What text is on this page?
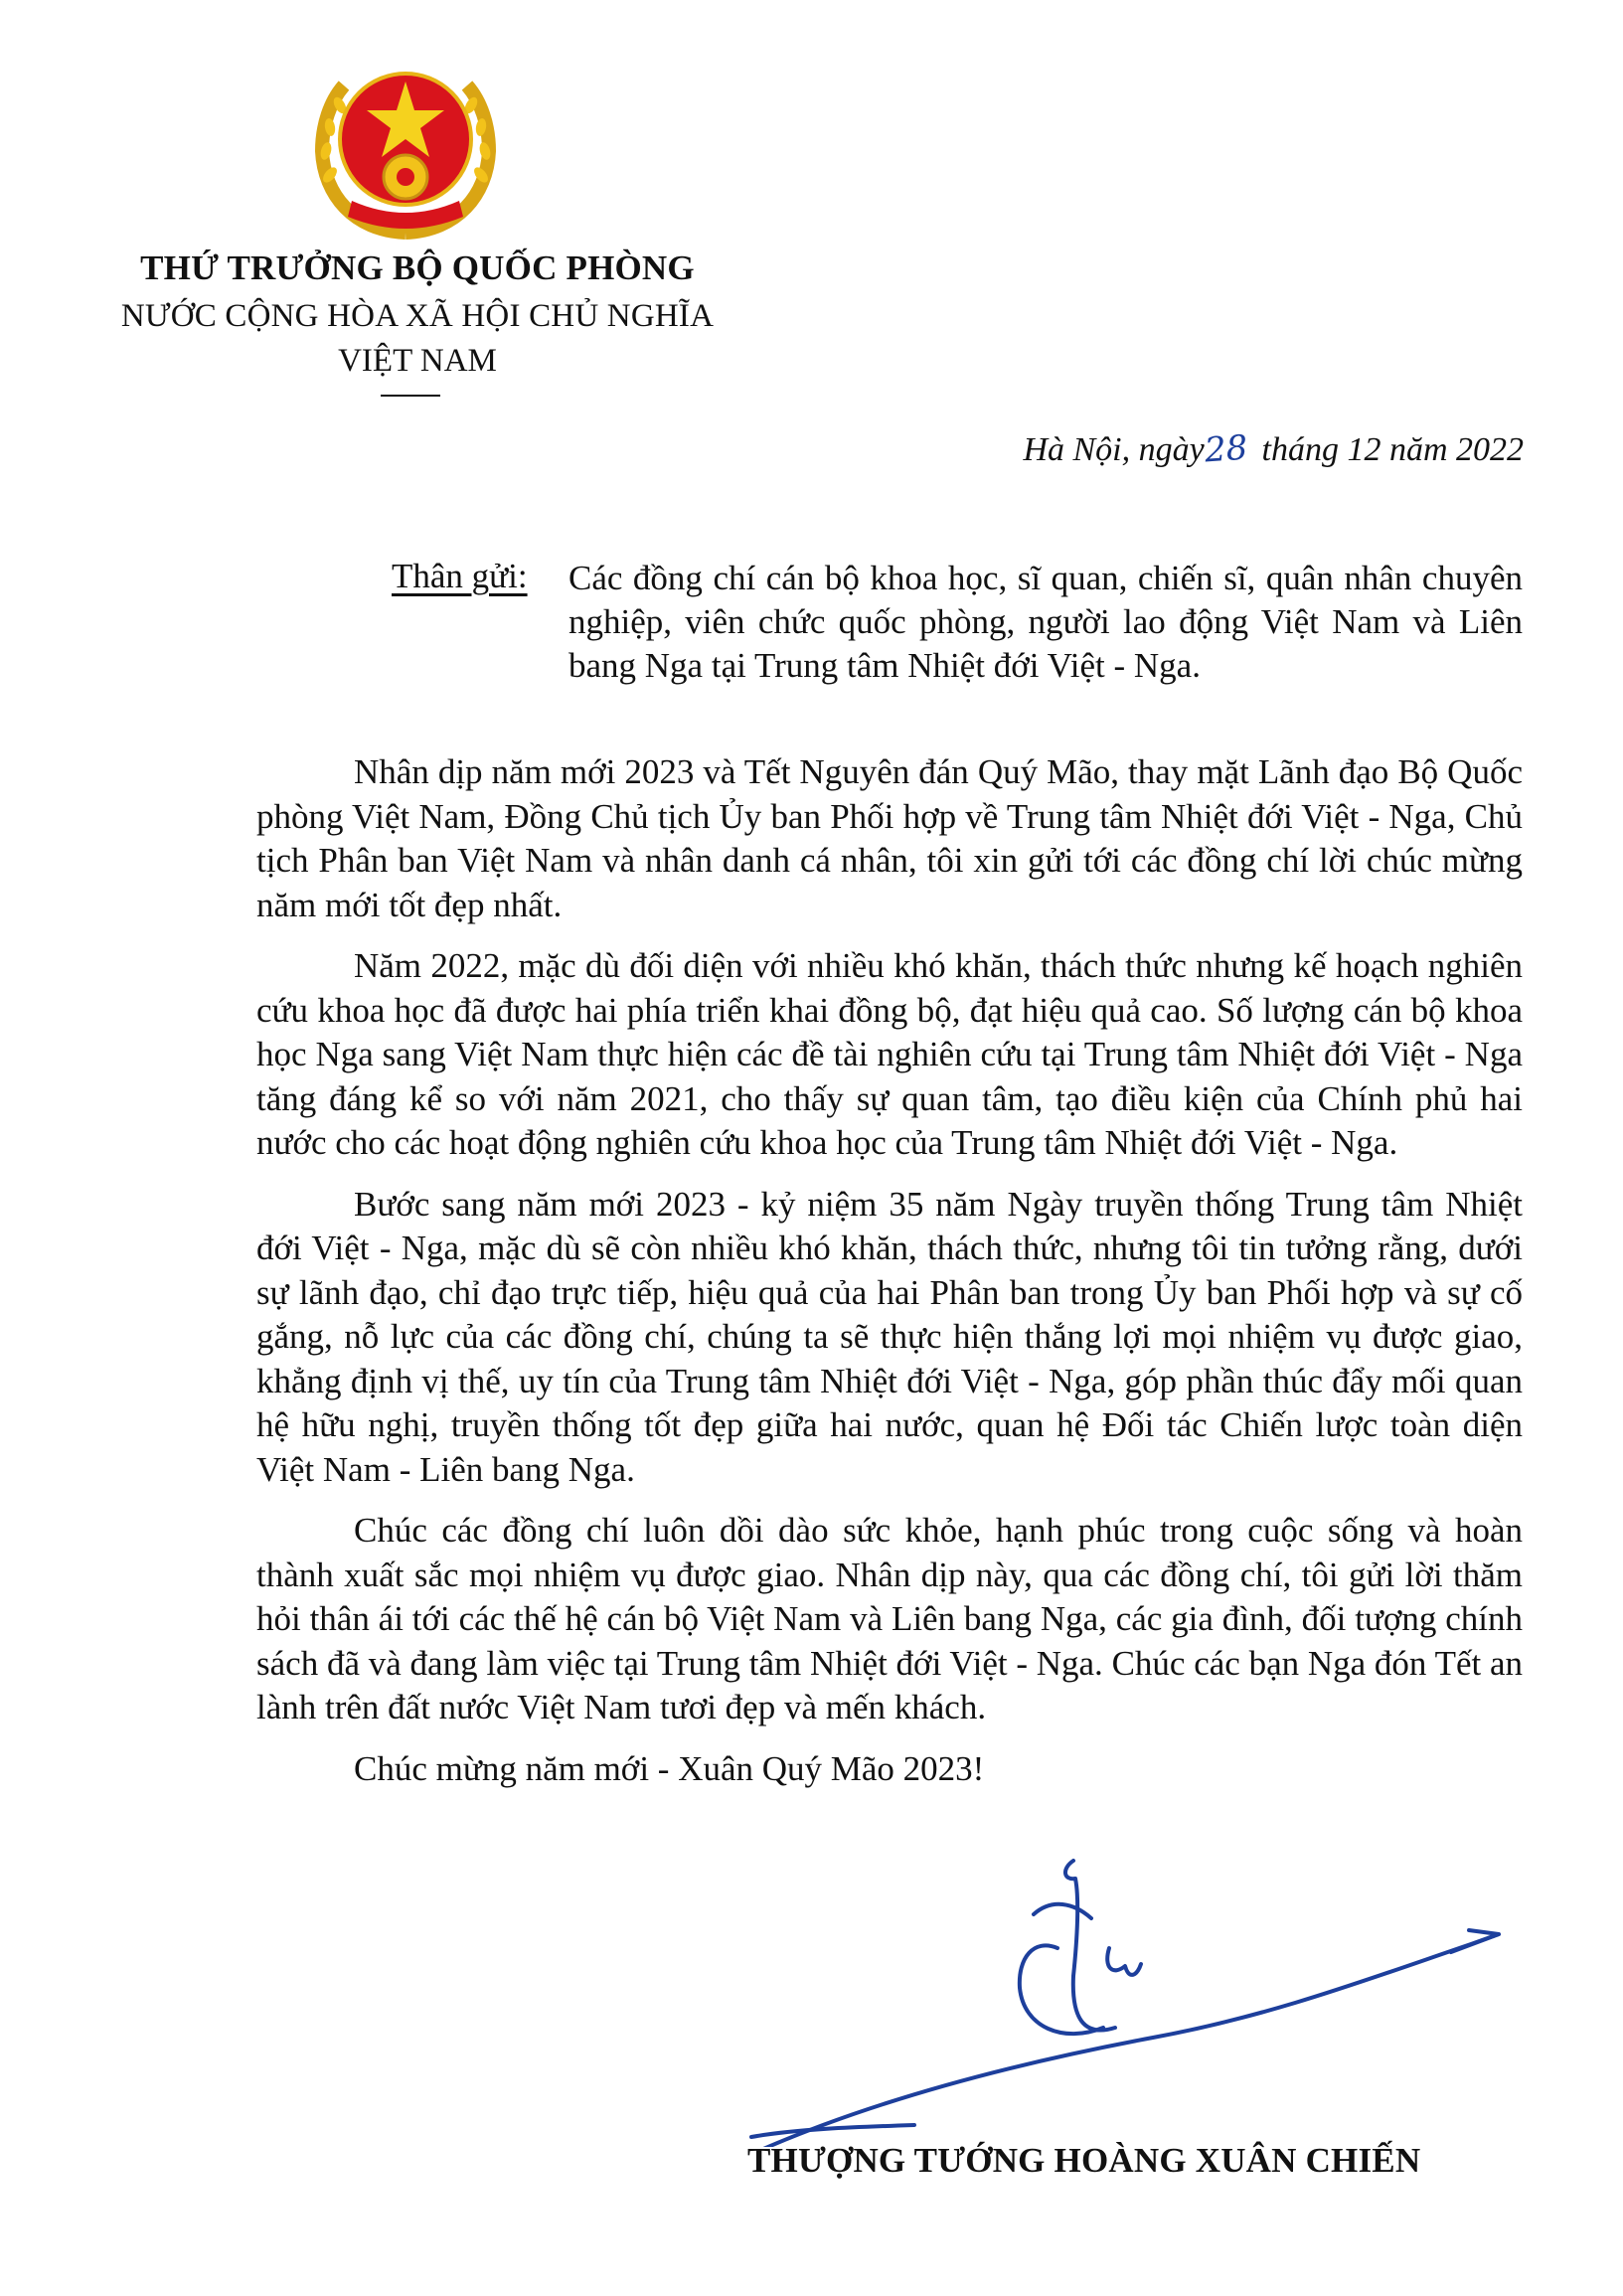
THỨ TRƯỞNG BỘ QUỐC PHÒNG
NƯỚC CỘNG HÒA XÃ HỘI CHỦ NGHĨA
VIỆT NAM
Hà Nội, ngày28 tháng 12 năm 2022
Thân gửi: Các đồng chí cán bộ khoa học, sĩ quan, chiến sĩ, quân nhân chuyên nghiệp, viên chức quốc phòng, người lao động Việt Nam và Liên bang Nga tại Trung tâm Nhiệt đới Việt - Nga.

Nhân dịp năm mới 2023 và Tết Nguyên đán Quý Mão, thay mặt Lãnh đạo Bộ Quốc phòng Việt Nam, Đồng Chủ tịch Ủy ban Phối hợp về Trung tâm Nhiệt đới Việt - Nga, Chủ tịch Phân ban Việt Nam và nhân danh cá nhân, tôi xin gửi tới các đồng chí lời chúc mừng năm mới tốt đẹp nhất.

Năm 2022, mặc dù đối diện với nhiều khó khăn, thách thức nhưng kế hoạch nghiên cứu khoa học đã được hai phía triển khai đồng bộ, đạt hiệu quả cao. Số lượng cán bộ khoa học Nga sang Việt Nam thực hiện các đề tài nghiên cứu tại Trung tâm Nhiệt đới Việt - Nga tăng đáng kể so với năm 2021, cho thấy sự quan tâm, tạo điều kiện của Chính phủ hai nước cho các hoạt động nghiên cứu khoa học của Trung tâm Nhiệt đới Việt - Nga.

Bước sang năm mới 2023 - kỷ niệm 35 năm Ngày truyền thống Trung tâm Nhiệt đới Việt - Nga, mặc dù sẽ còn nhiều khó khăn, thách thức, nhưng tôi tin tưởng rằng, dưới sự lãnh đạo, chỉ đạo trực tiếp, hiệu quả của hai Phân ban trong Ủy ban Phối hợp và sự cố gắng, nỗ lực của các đồng chí, chúng ta sẽ thực hiện thắng lợi mọi nhiệm vụ được giao, khẳng định vị thế, uy tín của Trung tâm Nhiệt đới Việt - Nga, góp phần thúc đẩy mối quan hệ hữu nghị, truyền thống tốt đẹp giữa hai nước, quan hệ Đối tác Chiến lược toàn diện Việt Nam - Liên bang Nga.

Chúc các đồng chí luôn dồi dào sức khỏe, hạnh phúc trong cuộc sống và hoàn thành xuất sắc mọi nhiệm vụ được giao. Nhân dịp này, qua các đồng chí, tôi gửi lời thăm hỏi thân ái tới các thế hệ cán bộ Việt Nam và Liên bang Nga, các gia đình, đối tượng chính sách đã và đang làm việc tại Trung tâm Nhiệt đới Việt - Nga. Chúc các bạn Nga đón Tết an lành trên đất nước Việt Nam tươi đẹp và mến khách.

Chúc mừng năm mới - Xuân Quý Mão 2023!

THƯỢNG TƯỚNG HOÀNG XUÂN CHIẾN
